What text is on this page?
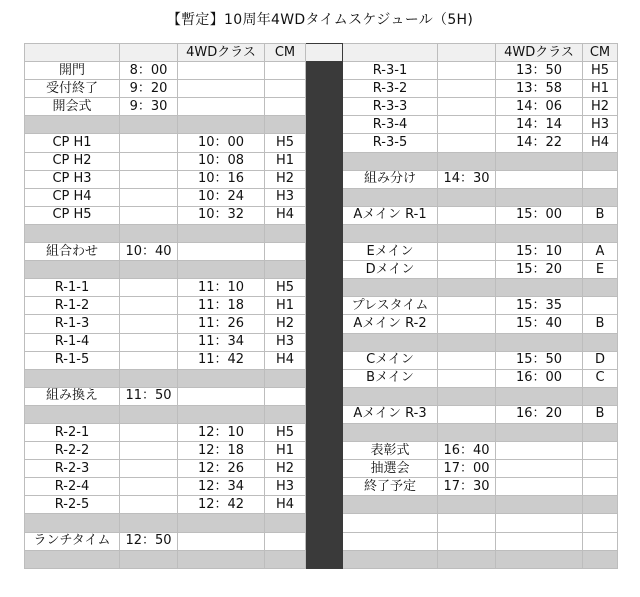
【暫定】10周年4WDタイムスケジュール（5H)
		4WDクラス	CM				4WDクラス	CM
開門	8：00				R-3-1		13：50	H5
受付終了	9：20				R-3-2		13：58	H1
開会式	9：30				R-3-3		14：06	H2
					R-3-4		14：14	H3
CP H1		10：00	H5		R-3-5		14：22	H4
CP H2		10：08	H1					
CP H3		10：16	H2		組み分け	14：30		
CP H4		10：24	H3					
CP H5		10：32	H4		Aメイン R-1		15：00	B

組合わせ	10：40				Eメイン		15：10	A
					Dメイン		15：20	E
R-1-1		11：10	H5					
R-1-2		11：18	H1		プレスタイム		15：35	
R-1-3		11：26	H2		Aメイン R-2		15：40	B
R-1-4		11：34	H3					
R-1-5		11：42	H4		Cメイン		15：50	D
					Bメイン		16：00	C
組み換え	11：50							
					Aメイン R-3		16：20	B
R-2-1		12：10	H5					
R-2-2		12：18	H1		表彰式	16：40		
R-2-3		12：26	H2		抽選会	17：00		
R-2-4		12：34	H3		終了予定	17：30		
R-2-5		12：42	H4					

ランチタイム	12：50							
